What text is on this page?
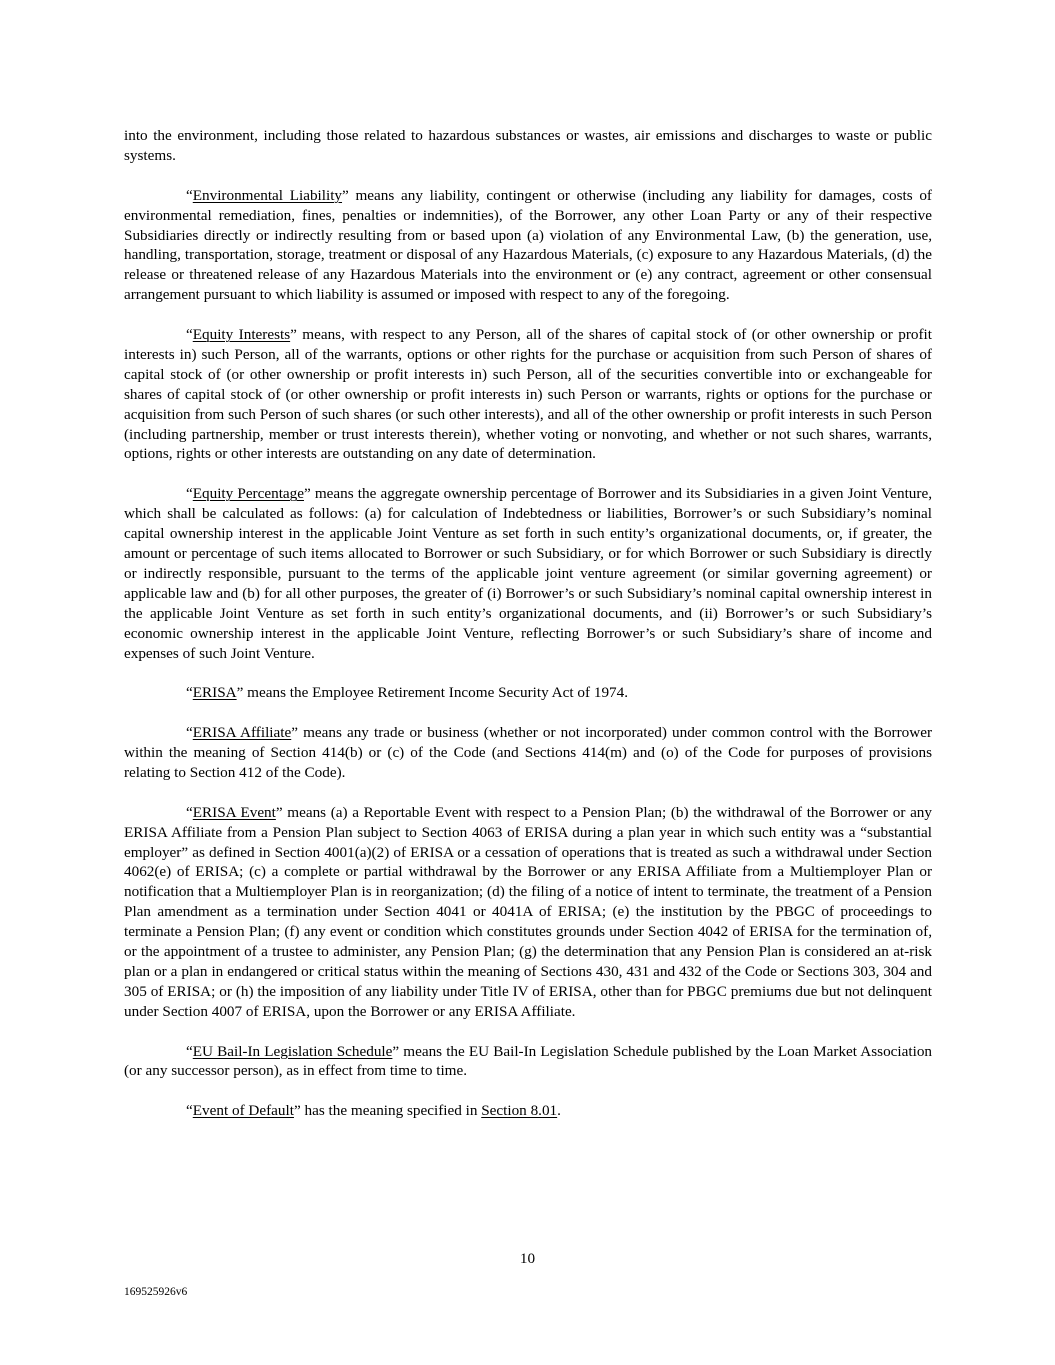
into the environment, including those related to hazardous substances or wastes, air emissions and discharges to waste or public systems.

“Environmental Liability” means any liability, contingent or otherwise (including any liability for damages, costs of environmental remediation, fines, penalties or indemnities), of the Borrower, any other Loan Party or any of their respective Subsidiaries directly or indirectly resulting from or based upon (a) violation of any Environmental Law, (b) the generation, use, handling, transportation, storage, treatment or disposal of any Hazardous Materials, (c) exposure to any Hazardous Materials, (d) the release or threatened release of any Hazardous Materials into the environment or (e) any contract, agreement or other consensual arrangement pursuant to which liability is assumed or imposed with respect to any of the foregoing.

“Equity Interests” means, with respect to any Person, all of the shares of capital stock of (or other ownership or profit interests in) such Person, all of the warrants, options or other rights for the purchase or acquisition from such Person of shares of capital stock of (or other ownership or profit interests in) such Person, all of the securities convertible into or exchangeable for shares of capital stock of (or other ownership or profit interests in) such Person or warrants, rights or options for the purchase or acquisition from such Person of such shares (or such other interests), and all of the other ownership or profit interests in such Person (including partnership, member or trust interests therein), whether voting or nonvoting, and whether or not such shares, warrants, options, rights or other interests are outstanding on any date of determination.

“Equity Percentage” means the aggregate ownership percentage of Borrower and its Subsidiaries in a given Joint Venture, which shall be calculated as follows: (a) for calculation of Indebtedness or liabilities, Borrower’s or such Subsidiary’s nominal capital ownership interest in the applicable Joint Venture as set forth in such entity’s organizational documents, or, if greater, the amount or percentage of such items allocated to Borrower or such Subsidiary, or for which Borrower or such Subsidiary is directly or indirectly responsible, pursuant to the terms of the applicable joint venture agreement (or similar governing agreement) or applicable law and (b) for all other purposes, the greater of (i) Borrower’s or such Subsidiary’s nominal capital ownership interest in the applicable Joint Venture as set forth in such entity’s organizational documents, and (ii) Borrower’s or such Subsidiary’s economic ownership interest in the applicable Joint Venture, reflecting Borrower’s or such Subsidiary’s share of income and expenses of such Joint Venture.

“ERISA” means the Employee Retirement Income Security Act of 1974.

“ERISA Affiliate” means any trade or business (whether or not incorporated) under common control with the Borrower within the meaning of Section 414(b) or (c) of the Code (and Sections 414(m) and (o) of the Code for purposes of provisions relating to Section 412 of the Code).

“ERISA Event” means (a) a Reportable Event with respect to a Pension Plan; (b) the withdrawal of the Borrower or any ERISA Affiliate from a Pension Plan subject to Section 4063 of ERISA during a plan year in which such entity was a “substantial employer” as defined in Section 4001(a)(2) of ERISA or a cessation of operations that is treated as such a withdrawal under Section 4062(e) of ERISA; (c) a complete or partial withdrawal by the Borrower or any ERISA Affiliate from a Multiemployer Plan or notification that a Multiemployer Plan is in reorganization; (d) the filing of a notice of intent to terminate, the treatment of a Pension Plan amendment as a termination under Section 4041 or 4041A of ERISA; (e) the institution by the PBGC of proceedings to terminate a Pension Plan; (f) any event or condition which constitutes grounds under Section 4042 of ERISA for the termination of, or the appointment of a trustee to administer, any Pension Plan; (g) the determination that any Pension Plan is considered an at-risk plan or a plan in endangered or critical status within the meaning of Sections 430, 431 and 432 of the Code or Sections 303, 304 and 305 of ERISA; or (h) the imposition of any liability under Title IV of ERISA, other than for PBGC premiums due but not delinquent under Section 4007 of ERISA, upon the Borrower or any ERISA Affiliate.

“EU Bail-In Legislation Schedule” means the EU Bail-In Legislation Schedule published by the Loan Market Association (or any successor person), as in effect from time to time.

“Event of Default” has the meaning specified in Section 8.01.

10
169525926v6
